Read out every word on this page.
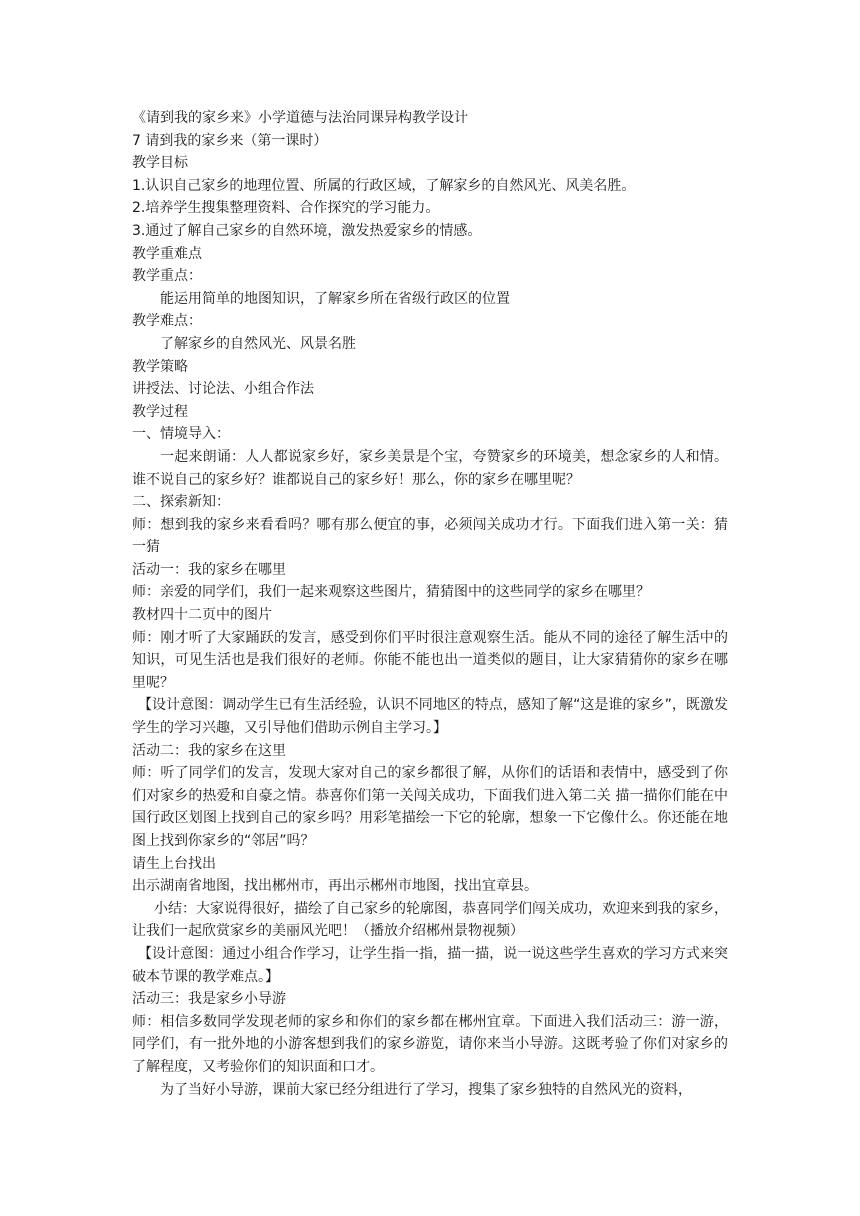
《请到我的家乡来》小学道德与法治同课异构教学设计

7 请到我的家乡来（第一课时）

教学目标

1.认识自己家乡的地理位置、所属的行政区域，了解家乡的自然风光、风美名胜。

2.培养学生搜集整理资料、合作探究的学习能力。

3.通过了解自己家乡的自然环境，激发热爱家乡的情感。

教学重难点

教学重点：

能运用简单的地图知识，了解家乡所在省级行政区的位置

教学难点：

了解家乡的自然风光、风景名胜

教学策略

讲授法、讨论法、小组合作法

教学过程

一、情境导入：

一起来朗诵：人人都说家乡好，家乡美景是个宝，夸赞家乡的环境美，想念家乡的人和情。谁不说自己的家乡好？谁都说自己的家乡好！那么，你的家乡在哪里呢？

二、探索新知：

师：想到我的家乡来看看吗？哪有那么便宜的事，必须闯关成功才行。下面我们进入第一关：猜一猜

活动一：我的家乡在哪里

师：亲爱的同学们，我们一起来观察这些图片，猜猜图中的这些同学的家乡在哪里？

教材四十二页中的图片

师：刚才听了大家踊跃的发言，感受到你们平时很注意观察生活。能从不同的途径了解生活中的知识，可见生活也是我们很好的老师。你能不能也出一道类似的题目，让大家猜猜你的家乡在哪里呢？

【设计意图：调动学生已有生活经验，认识不同地区的特点，感知了解“这是谁的家乡”，既激发学生的学习兴趣，又引导他们借助示例自主学习。】

活动二：我的家乡在这里

师：听了同学们的发言，发现大家对自己的家乡都很了解，从你们的话语和表情中，感受到了你们对家乡的热爱和自豪之情。恭喜你们第一关闯关成功，下面我们进入第二关 描一描你们能在中国行政区划图上找到自己的家乡吗？用彩笔描绘一下它的轮廓，想象一下它像什么。你还能在地图上找到你家乡的“邻居”吗？

请生上台找出

出示湖南省地图，找出郴州市，再出示郴州市地图，找出宜章县。

小结：大家说得很好，描绘了自己家乡的轮廓图，恭喜同学们闯关成功，欢迎来到我的家乡，让我们一起欣赏家乡的美丽风光吧！（播放介绍郴州景物视频）

【设计意图：通过小组合作学习，让学生指一指，描一描，说一说这些学生喜欢的学习方式来突破本节课的教学难点。】

活动三：我是家乡小导游

师：相信多数同学发现老师的家乡和你们的家乡都在郴州宜章。下面进入我们活动三：游一游，同学们，有一批外地的小游客想到我们的家乡游览，请你来当小导游。这既考验了你们对家乡的了解程度，又考验你们的知识面和口才。

为了当好小导游，课前大家已经分组进行了学习，搜集了家乡独特的自然风光的资料，
